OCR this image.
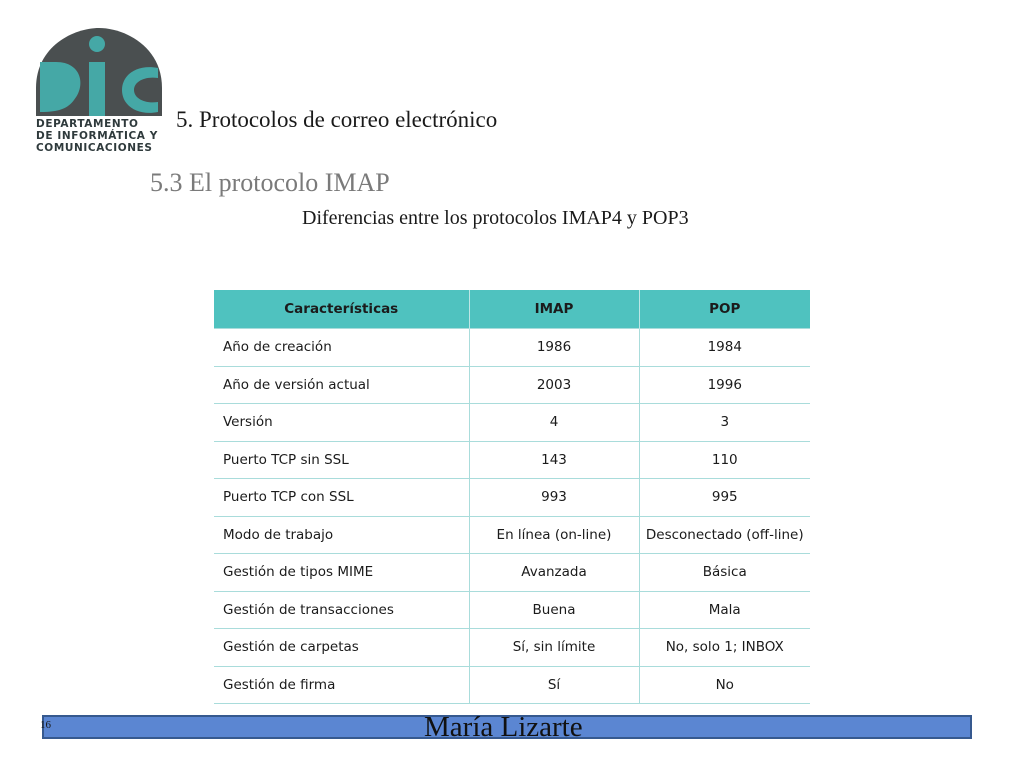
DEPARTAMENTO
DE INFORMÁTICA Y
COMUNICACIONES
5. Protocolos de correo electrónico
5.3 El protocolo IMAP
Diferencias entre los protocolos IMAP4 y POP3
Características	IMAP	POP
Año de creación	1986	1984
Año de versión actual	2003	1996
Versión	4	3
Puerto TCP sin SSL	143	110
Puerto TCP con SSL	993	995
Modo de trabajo	En línea (on-line)	Desconectado (off-line)
Gestión de tipos MIME	Avanzada	Básica
Gestión de transacciones	Buena	Mala
Gestión de carpetas	Sí, sin límite	No, solo 1; INBOX
Gestión de firma	Sí	No
16	María Lizarte
